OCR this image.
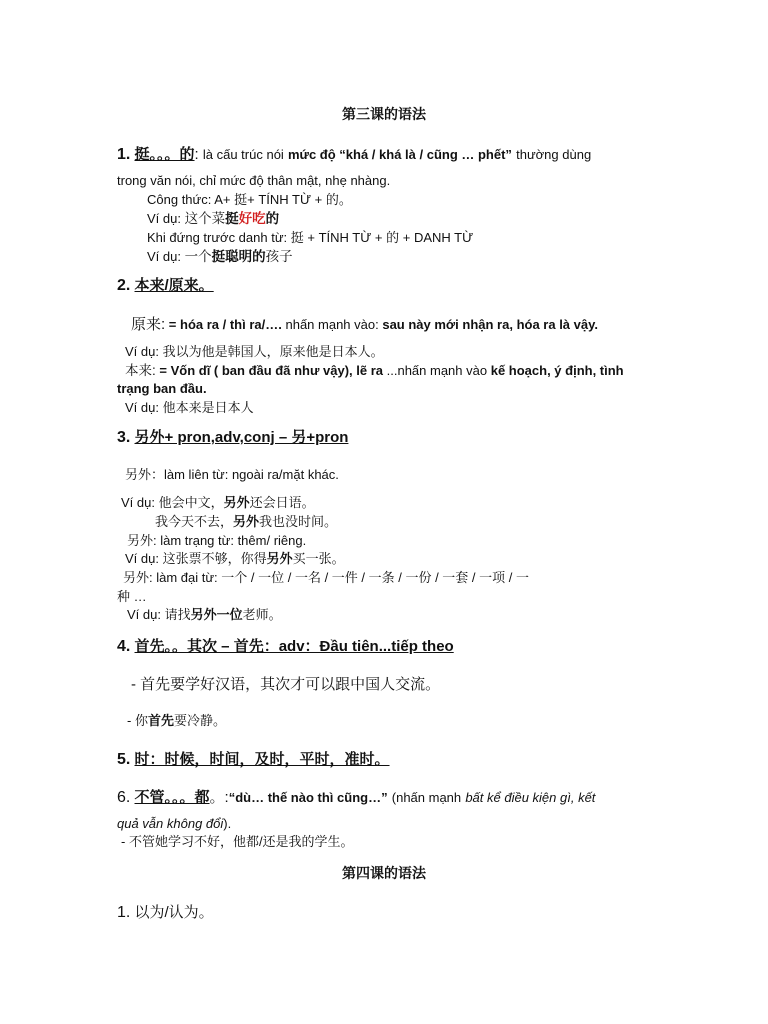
第三课的语法
1. 挺。。。的: là cấu trúc nói mức độ “khá / khá là / cũng … phết” thường dùng
trong văn nói, chỉ mức độ thân mật, nhẹ nhàng.
Công thức: A+ 挺+ TÍNH TỪ + 的。
Ví dụ: 这个菜挺好吃的
Khi đứng trước danh từ: 挺 + TÍNH TỪ + 的 + DANH TỪ
Ví dụ: 一个挺聪明的孩子
2. 本来/原来。
原来: = hóa ra / thì ra/…. nhấn mạnh vào: sau này mới nhận ra, hóa ra là vậy.
Ví dụ: 我以为他是韩国人，原来他是日本人。
本来: = Vốn dĩ ( ban đầu đã như vậy), lẽ ra ...nhấn mạnh vào kế hoạch, ý định, tình
trạng ban đầu.
Ví dụ: 他本来是日本人
3. 另外+ pron,adv,conj – 另+pron
另外：làm liên từ: ngoài ra/mặt khác.
Ví dụ: 他会中文，另外还会日语。
我今天不去，另外我也没时间。
另外: làm trạng từ: thêm/ riêng.
Ví dụ: 这张票不够，你得另外买一张。
另外: làm đại từ: 一个 / 一位 / 一名 / 一件 / 一条 / 一份 / 一套 / 一项 / 一
种 …
Ví dụ: 请找另外一位老师。
4. 首先。。其次 – 首先：adv：Đầu tiên...tiếp theo
- 首先要学好汉语，其次才可以跟中国人交流。
- 你首先要冷静。
5. 时：时候，时间，及时，平时，准时。
6. 不管。。。都。:“dù… thế nào thì cũng…” (nhấn mạnh bất kể điều kiện gì, kết
quả vẫn không đổi).
- 不管她学习不好，他都/还是我的学生。
第四课的语法
1. 以为/认为。
